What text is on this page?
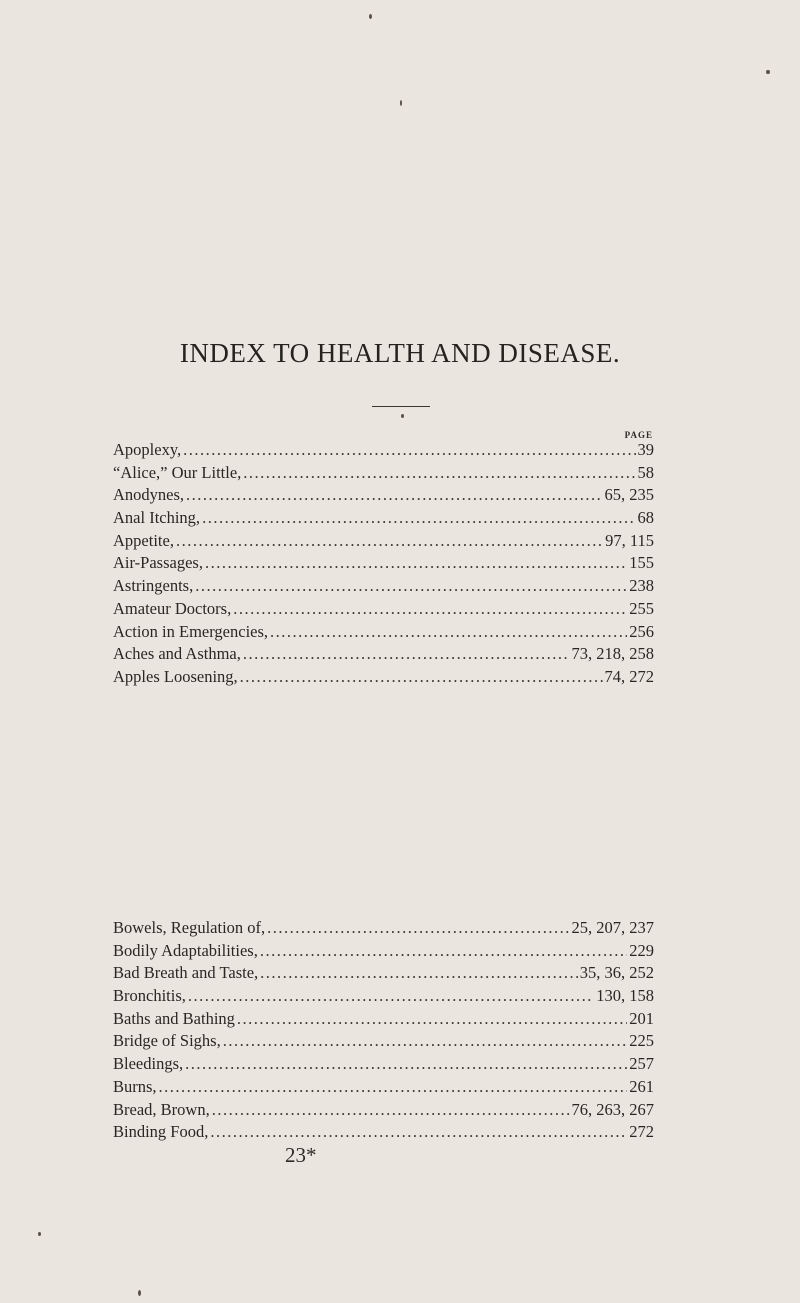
INDEX TO HEALTH AND DISEASE.
PAGE
Apoplexy, .....	39
“Alice,” Our Little, .....	58
Anodynes, .....	65, 235
Anal Itching, .....	68
Appetite, .....	97, 115
Air-Passages, .....	155
Astringents, .....	238
Amateur Doctors, .....	255
Action in Emergencies, .....	256
Aches and Asthma, .....	73, 218, 258
Apples Loosening, .....	74, 272
Bowels, Regulation of, .....	25, 207, 237
Bodily Adaptabilities, .....	229
Bad Breath and Taste, .....	35, 36, 252
Bronchitis, .....	130, 158
Baths and Bathing .....	201
Bridge of Sighs, .....	225
Bleedings, .....	257
Burns, .....	261
Bread, Brown, .....	76, 263, 267
Binding Food, .....	272
23*
